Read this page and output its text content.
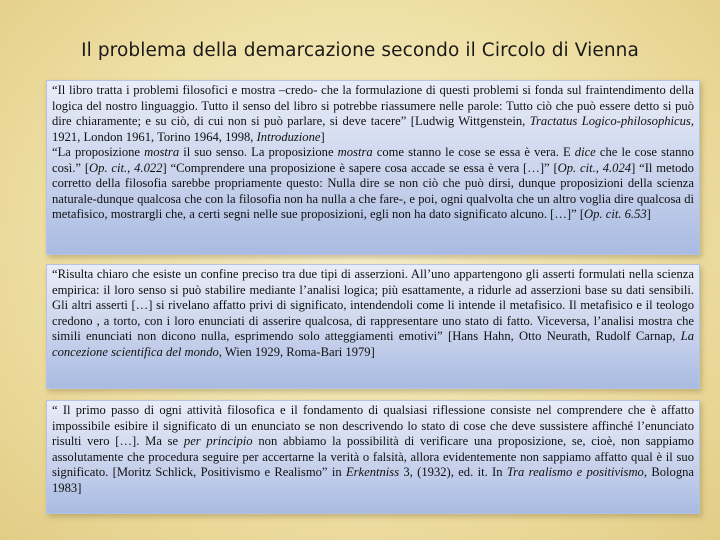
Il problema della demarcazione secondo il Circolo di Vienna

“Il libro tratta i problemi filosofici e mostra –credo- che la formulazione di questi problemi si fonda sul fraintendimento della logica del nostro linguaggio. Tutto il senso del libro si potrebbe riassumere nelle parole: Tutto ciò che può essere detto si può dire chiaramente; e su ciò, di cui non si può parlare, si deve tacere” [Ludwig Wittgenstein, Tractatus Logico-philosophicus, 1921, London 1961, Torino 1964, 1998, Introduzione]

“La proposizione mostra il suo senso. La proposizione mostra come stanno le cose se essa è vera. E dice che le cose stanno così.” [Op. cit., 4.022] “Comprendere una proposizione è sapere cosa accade se essa è vera […]” [Op. cit., 4.024] “Il metodo corretto della filosofia sarebbe propriamente questo: Nulla dire se non ciò che può dirsi, dunque proposizioni della scienza naturale-dunque qualcosa che con la filosofia non ha nulla a che fare-, e poi, ogni qualvolta che un altro voglia dire qualcosa di metafisico, mostrargli che, a certi segni nelle sue proposizioni, egli non ha dato significato alcuno. […]” [Op. cit. 6.53]

“Risulta chiaro che esiste un confine preciso tra due tipi di asserzioni. All’uno appartengono gli asserti formulati nella scienza empirica: il loro senso si può stabilire mediante l’analisi logica; più esattamente, a ridurle ad asserzioni base su dati sensibili. Gli altri asserti […] si rivelano affatto privi di significato, intendendoli come li intende il metafisico. Il metafisico e il teologo credono , a torto, con i loro enunciati di asserire qualcosa, di rappresentare uno stato di fatto. Viceversa, l’analisi mostra che simili enunciati non dicono nulla, esprimendo solo atteggiamenti emotivi” [Hans Hahn, Otto Neurath, Rudolf Carnap, La concezione scientifica del mondo, Wien 1929, Roma-Bari 1979]

“ Il primo passo di ogni attività filosofica e il fondamento di qualsiasi riflessione consiste nel comprendere che è affatto impossibile esibire il significato di un enunciato se non descrivendo lo stato di cose che deve sussistere affinché l’enunciato risulti vero […]. Ma se per principio non abbiamo la possibilità di verificare una proposizione, se, cioè, non sappiamo assolutamente che procedura seguire per accertarne la verità o falsità, allora evidentemente non sappiamo affatto qual è il suo significato. [Moritz Schlick, Positivismo e Realismo” in Erkentniss 3, (1932), ed. it. In Tra realismo e positivismo, Bologna 1983]
